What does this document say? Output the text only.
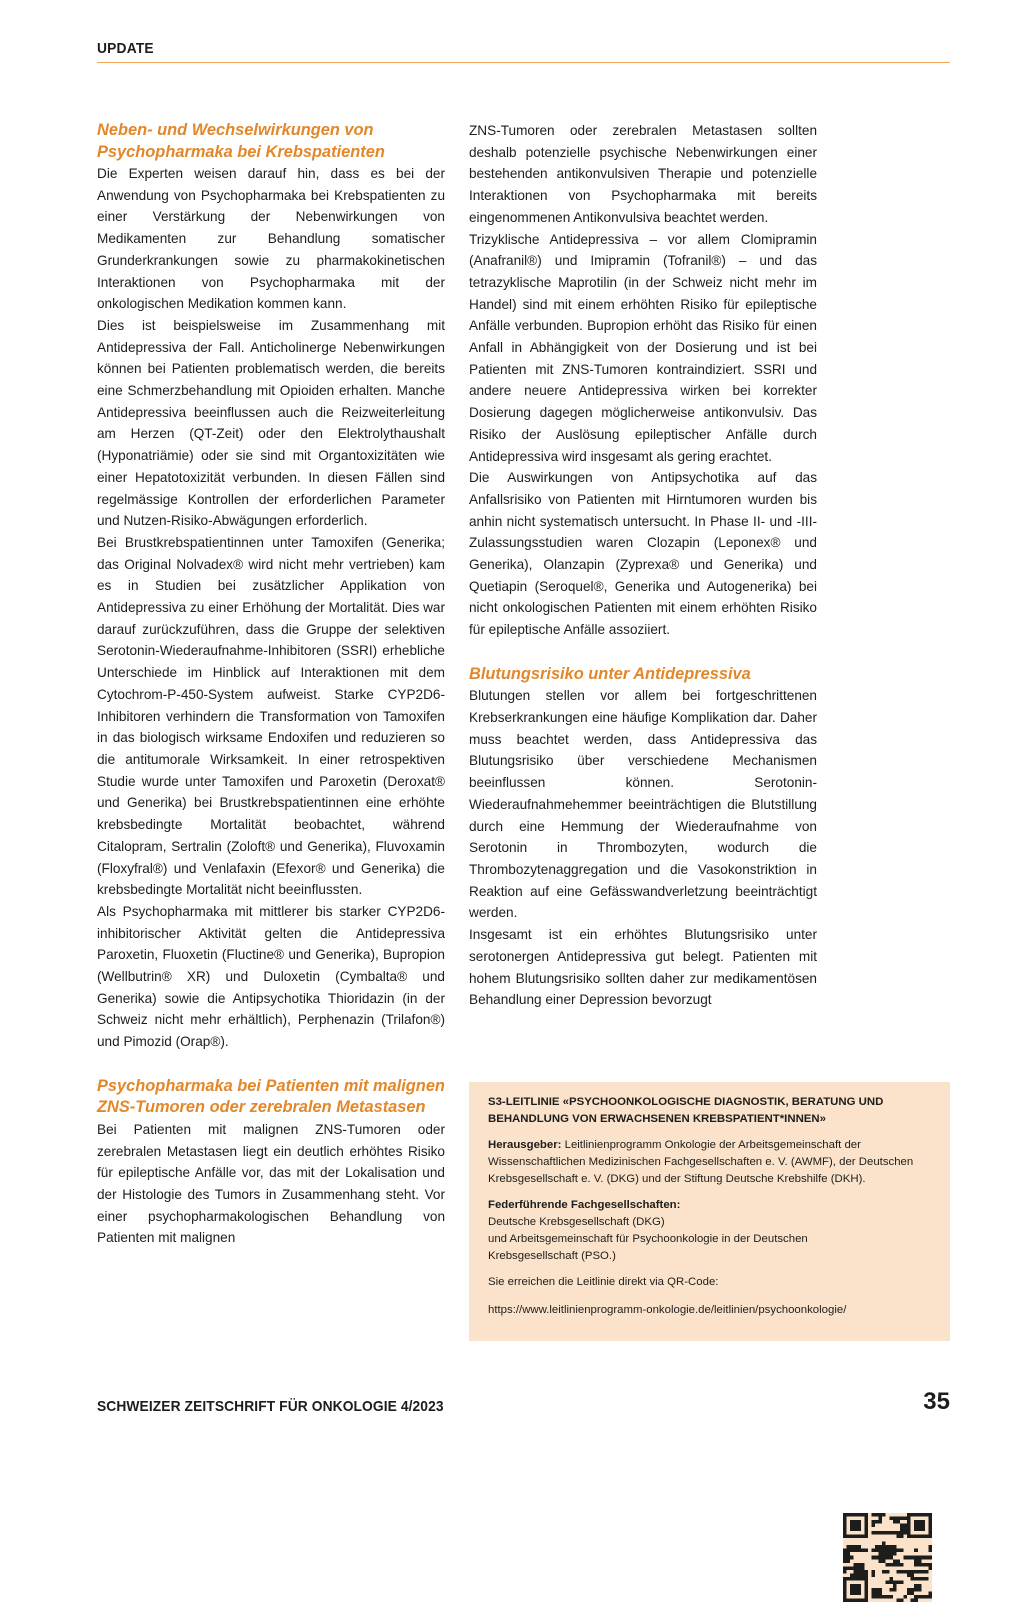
UPDATE
Neben- und Wechselwirkungen von Psychopharmaka bei Krebspatienten

Die Experten weisen darauf hin, dass es bei der Anwendung von Psychopharmaka bei Krebspatienten zu einer Verstärkung der Nebenwirkungen von Medikamenten zur Behandlung somatischer Grunderkrankungen sowie zu pharmakokinetischen Interaktionen von Psychopharmaka mit der onkologischen Medikation kommen kann.

Dies ist beispielsweise im Zusammenhang mit Antidepressiva der Fall. Anticholinerge Nebenwirkungen können bei Patienten problematisch werden, die bereits eine Schmerzbehandlung mit Opioiden erhalten. Manche Antidepressiva beeinflussen auch die Reizweiterleitung am Herzen (QT-Zeit) oder den Elektrolythaushalt (Hyponatriämie) oder sie sind mit Organtoxizitäten wie einer Hepatotoxizität verbunden. In diesen Fällen sind regelmässige Kontrollen der erforderlichen Parameter und Nutzen-Risiko-Abwägungen erforderlich.

Bei Brustkrebspatientinnen unter Tamoxifen (Generika; das Original Nolvadex® wird nicht mehr vertrieben) kam es in Studien bei zusätzlicher Applikation von Antidepressiva zu einer Erhöhung der Mortalität. Dies war darauf zurückzuführen, dass die Gruppe der selektiven Serotonin-Wiederaufnahme-Inhibitoren (SSRI) erhebliche Unterschiede im Hinblick auf Interaktionen mit dem Cytochrom-P-450-System aufweist. Starke CYP2D6-Inhibitoren verhindern die Transformation von Tamoxifen in das biologisch wirksame Endoxifen und reduzieren so die antitumorale Wirksamkeit. In einer retrospektiven Studie wurde unter Tamoxifen und Paroxetin (Deroxat® und Generika) bei Brustkrebspatientinnen eine erhöhte krebsbedingte Mortalität beobachtet, während Citalopram, Sertralin (Zoloft® und Generika), Fluvoxamin (Floxyfral®) und Venlafaxin (Efexor® und Generika) die krebsbedingte Mortalität nicht beeinflussten.

Als Psychopharmaka mit mittlerer bis starker CYP2D6-inhibitorischer Aktivität gelten die Antidepressiva Paroxetin, Fluoxetin (Fluctine® und Generika), Bupropion (Wellbutrin® XR) und Duloxetin (Cymbalta® und Generika) sowie die Antipsychotika Thioridazin (in der Schweiz nicht mehr erhältlich), Perphenazin (Trilafon®) und Pimozid (Orap®).

Psychopharmaka bei Patienten mit malignen ZNS-Tumoren oder zerebralen Metastasen

Bei Patienten mit malignen ZNS-Tumoren oder zerebralen Metastasen liegt ein deutlich erhöhtes Risiko für epileptische Anfälle vor, das mit der Lokalisation und der Histologie des Tumors in Zusammenhang steht. Vor einer psychopharmakologischen Behandlung von Patienten mit malignen

ZNS-Tumoren oder zerebralen Metastasen sollten deshalb potenzielle psychische Nebenwirkungen einer bestehenden antikonvulsiven Therapie und potenzielle Interaktionen von Psychopharmaka mit bereits eingenommenen Antikonvulsiva beachtet werden.

Trizyklische Antidepressiva – vor allem Clomipramin (Anafranil®) und Imipramin (Tofranil®) – und das tetrazyklische Maprotilin (in der Schweiz nicht mehr im Handel) sind mit einem erhöhten Risiko für epileptische Anfälle verbunden. Bupropion erhöht das Risiko für einen Anfall in Abhängigkeit von der Dosierung und ist bei Patienten mit ZNS-Tumoren kontraindiziert. SSRI und andere neuere Antidepressiva wirken bei korrekter Dosierung dagegen möglicherweise antikonvulsiv. Das Risiko der Auslösung epileptischer Anfälle durch Antidepressiva wird insgesamt als gering erachtet.

Die Auswirkungen von Antipsychotika auf das Anfallsrisiko von Patienten mit Hirntumoren wurden bis anhin nicht systematisch untersucht. In Phase II- und -III- Zulassungsstudien waren Clozapin (Leponex® und Generika), Olanzapin (Zyprexa® und Generika) und Quetiapin (Seroquel®, Generika und Autogenerika) bei nicht onkologischen Patienten mit einem erhöhten Risiko für epileptische Anfälle assoziiert.

Blutungsrisiko unter Antidepressiva

Blutungen stellen vor allem bei fortgeschrittenen Krebserkrankungen eine häufige Komplikation dar. Daher muss beachtet werden, dass Antidepressiva das Blutungsrisiko über verschiedene Mechanismen beeinflussen können. Serotonin-Wiederaufnahmehemmer beeinträchtigen die Blutstillung durch eine Hemmung der Wiederaufnahme von Serotonin in Thrombozyten, wodurch die Thrombozytenaggregation und die Vasokonstriktion in Reaktion auf eine Gefässwandverletzung beeinträchtigt werden.

Insgesamt ist ein erhöhtes Blutungsrisiko unter serotonergen Antidepressiva gut belegt. Patienten mit hohem Blutungsrisiko sollten daher zur medikamentösen Behandlung einer Depression bevorzugt

S3-LEITLINIE «PSYCHOONKOLOGISCHE DIAGNOSTIK, BERATUNG UND
BEHANDLUNG VON ERWACHSENEN KREBSPATIENT*INNEN»
Herausgeber: Leitlinienprogramm Onkologie der Arbeitsgemeinschaft der Wissenschaftlichen Medizinischen Fachgesellschaften e. V. (AWMF), der Deutschen Krebsgesellschaft e. V. (DKG) und der Stiftung Deutsche Krebshilfe (DKH).
Federführende Fachgesellschaften:
Deutsche Krebsgesellschaft (DKG)
und Arbeitsgemeinschaft für Psychoonkologie in der Deutschen Krebsgesellschaft (PSO.)
Sie erreichen die Leitlinie direkt via QR-Code:
https://www.leitlinienprogramm-onkologie.de/leitlinien/psychoonkologie/
SCHWEIZER ZEITSCHRIFT FÜR ONKOLOGIE 4/2023	35
